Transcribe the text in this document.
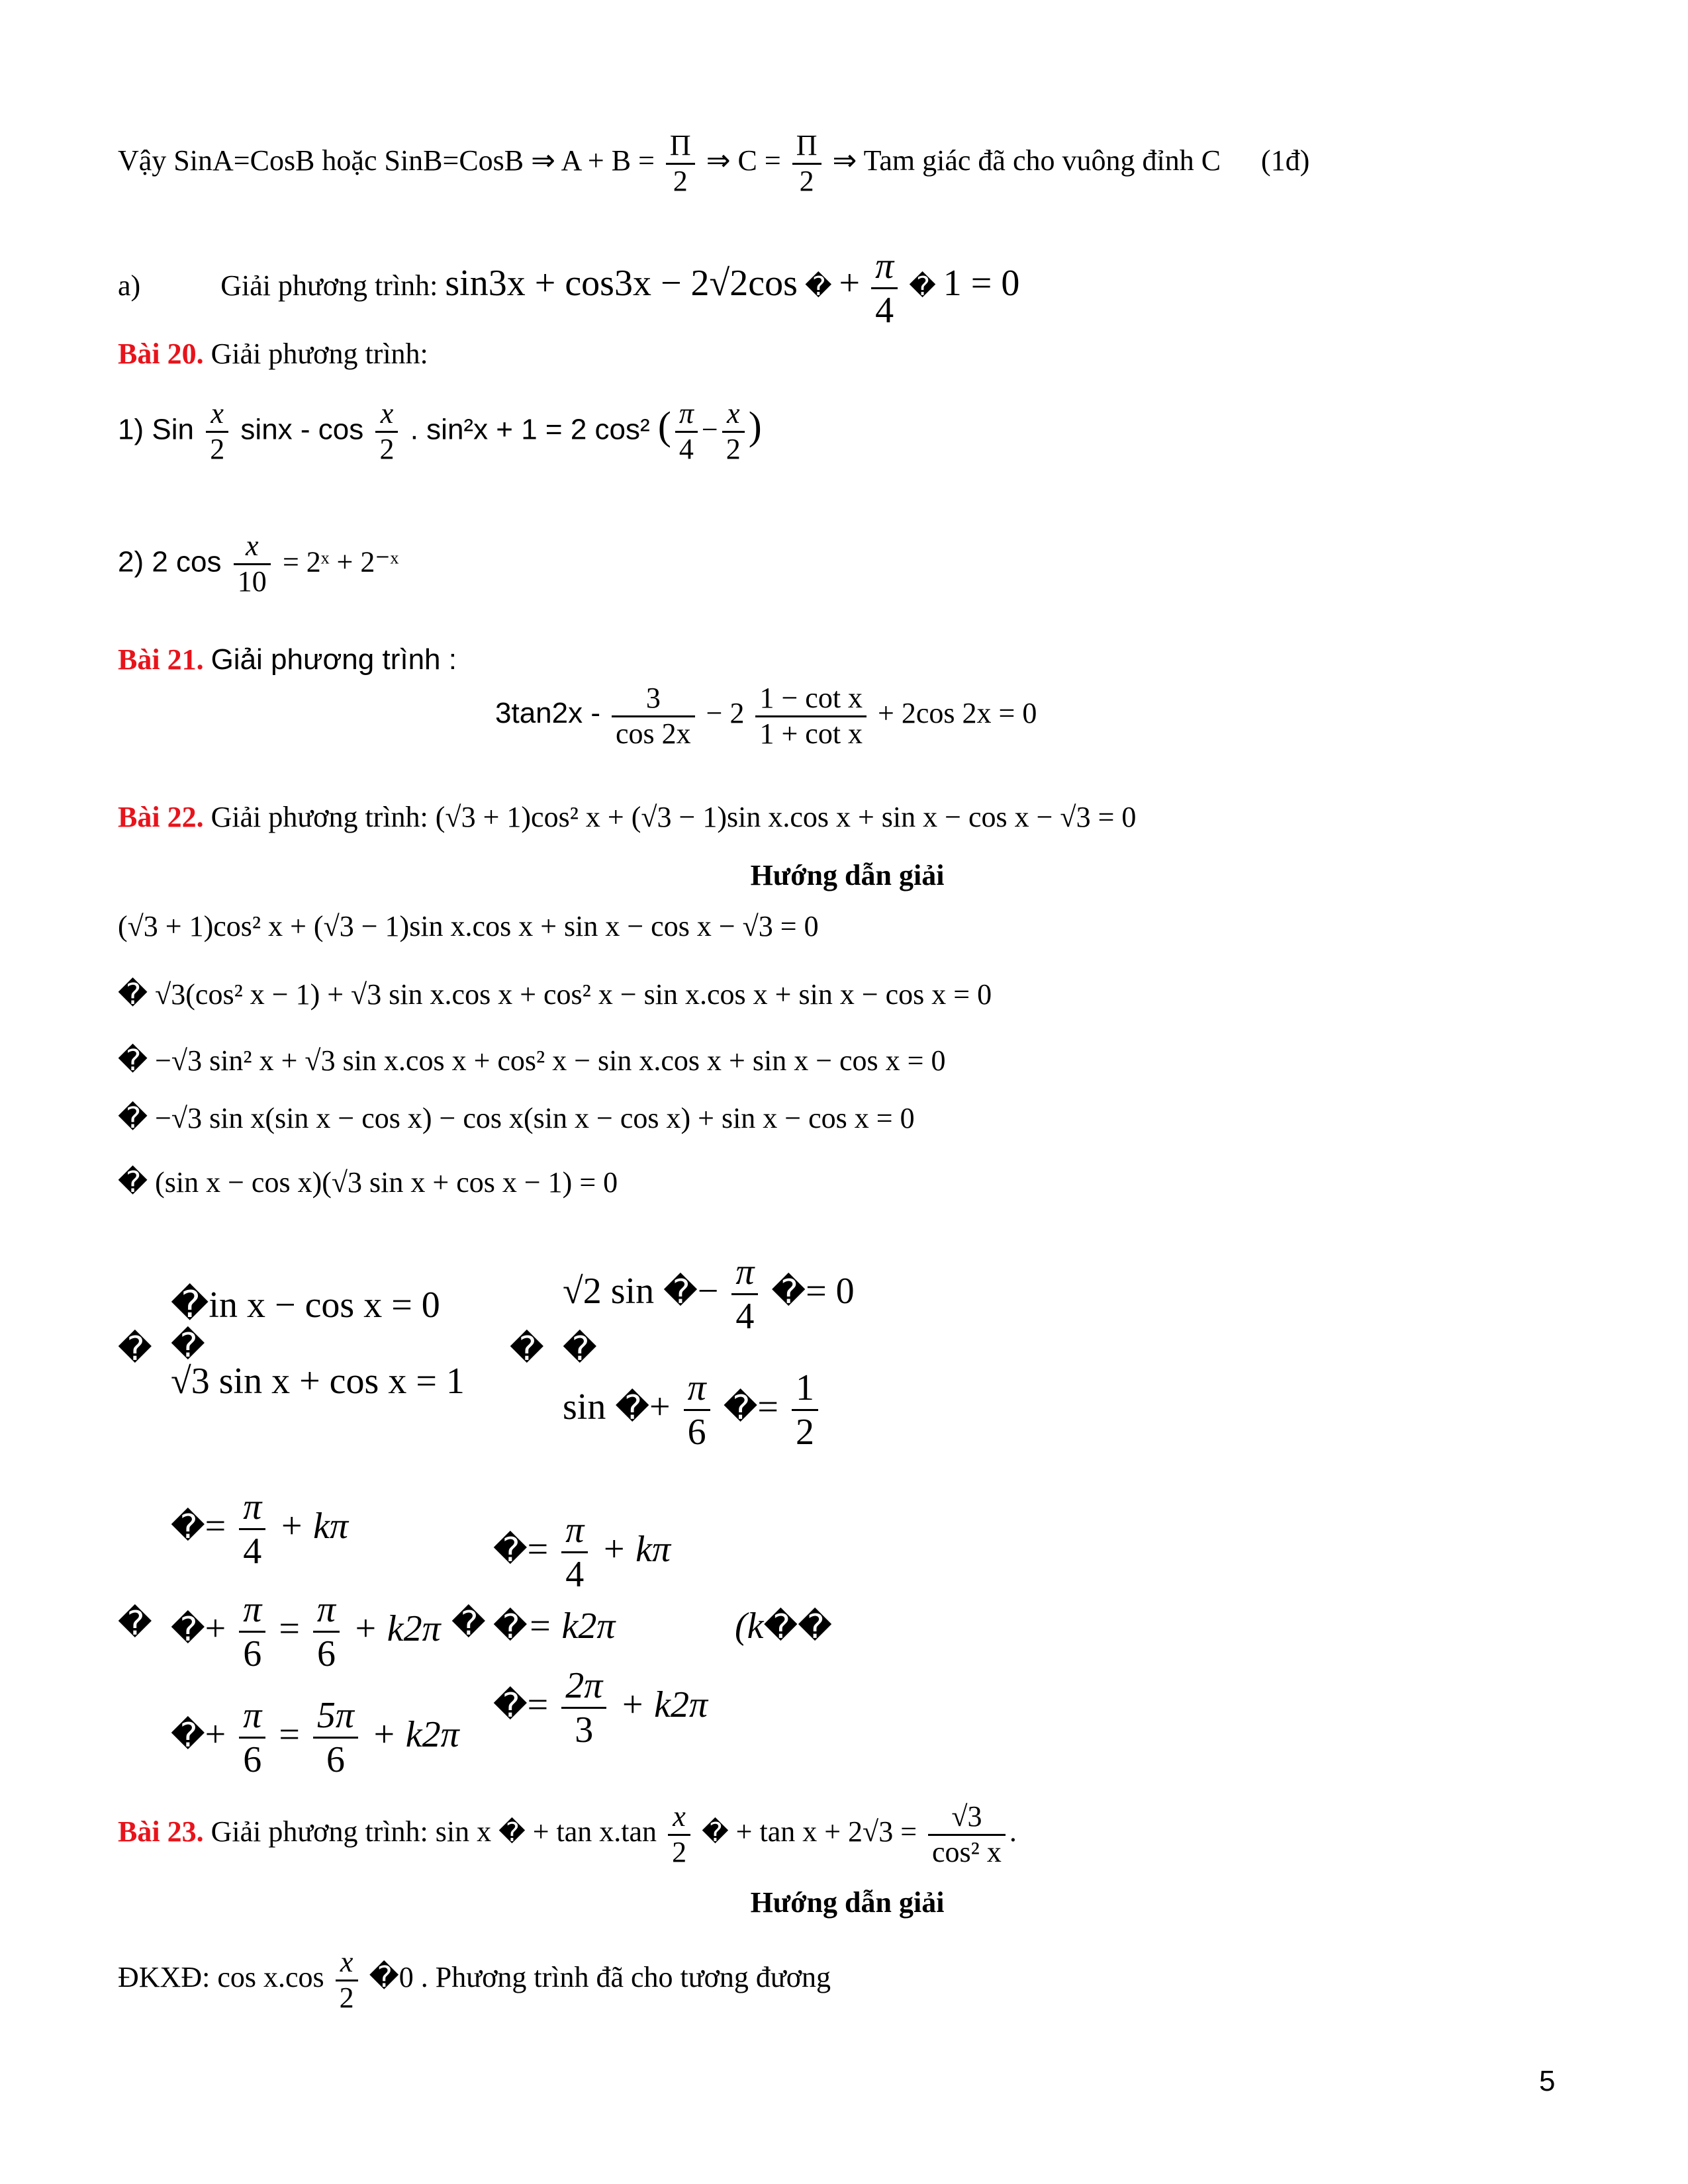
Vậy SinA=CosB hoặc SinB=CosB ⇒ $A + B = \frac{\Pi}{2}$ ⇒ $C = \frac{\Pi}{2}$ ⇒ Tam giác đã cho vuông đỉnh C (1đ)
a)	Giải phương trình: sin3x + cos3x − 2√2cos � + $\frac{\pi}{4}$ � 1 = 0
Bài 20. Giải phương trình:
1) Sin $\frac{x}{2}$ sinx - $\cos \frac{x}{2}$ . sin²x + 1 = 2 cos² ( $\frac{\pi}{4} - \frac{x}{2}$ )
2) 2 $\cos \frac{x}{10}$ = 2ˣ + 2⁻ˣ
Bài 21. Giải phương trình :
$3\tan 2x - \frac{3}{\cos 2x} - 2 \frac{\text{1 − cot x}}{\text{1 + cot x}} + 2\cos$ 2x = 0
Bài 22. Giải phương trình: (√3 + 1)cos² x + (√3 − 1)sin x.cos x + sin x − cos x − √3 = 0
Hướng dẫn giải
(√3 + 1)cos² x + (√3 − 1)sin x.cos x + sin x − cos x − √3 = 0
� √3(cos² x − 1) + √3 sin x.cos x + cos² x − sin x.cos x + sin x − cos x = 0
� −√3 sin² x + √3 sin x.cos x + cos² x − sin x.cos x + sin x − cos x = 0
� −√3 sin x(sin x − cos x) − cos x(sin x − cos x) + sin x − cos x = 0
� (sin x − cos x)(√3 sin x + cos x − 1) = 0
�
�in x − cos x = 0
�
√3 sin x + cos x = 1
�
√2 sin �− $\frac{\pi}{4}$ �= 0
�
sin �+ $\frac{\pi}{6}$ �= $\frac{1}{2}$
�
�= $\frac{\pi}{4} + k\pi$
�+ $\frac{\pi}{6} = \frac{\pi}{6} + k2\pi$
�+ $\frac{\pi}{6} = \frac{5\pi}{6} + k2\pi$
�
�= $\frac{\pi}{4} + k\pi$
�= k2π
�= $\frac{2\pi}{3} + k2\pi$
(k��
Bài 23. Giải phương trình: sin x � + $\tan x.\tan \frac{x}{2}$ � + $\tan x + 2√3 = \frac{√3}{\text{cos² x}}$ .
Hướng dẫn giải
ĐKXĐ: $\cos x.\cos \frac{x}{2}$ �0 . Phương trình đã cho tương đương
5
